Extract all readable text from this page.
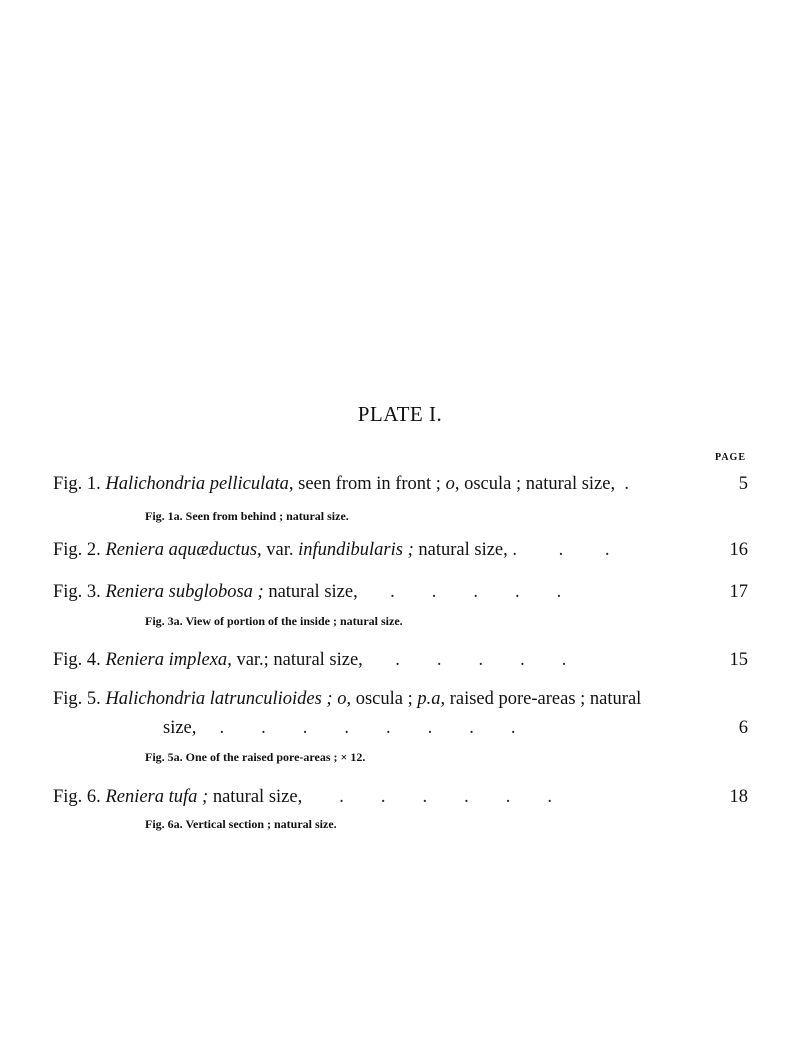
PLATE I.
PAGE
Fig. 1. Halichondria pelliculata, seen from in front ; o, oscula ; natural size,  .	5
Fig. 1a. Seen from behind ; natural size.
Fig. 2. Reniera aquæductus, var. infundibularis ; natural size, .         .         .	16
Fig. 3. Reniera subglobosa ; natural size,       .        .        .        .        .	17
Fig. 3a. View of portion of the inside ; natural size.
Fig. 4. Reniera implexa, var.; natural size,       .        .        .        .        .	15
Fig. 5. Halichondria latrunculioides ; o, oscula ; p.a, raised pore-areas ; natural
size,     .        .        .        .        .        .        .        .	6
Fig. 5a. One of the raised pore-areas ; × 12.
Fig. 6. Reniera tufa ; natural size,        .        .        .        .        .        .	18
Fig. 6a. Vertical section ; natural size.
